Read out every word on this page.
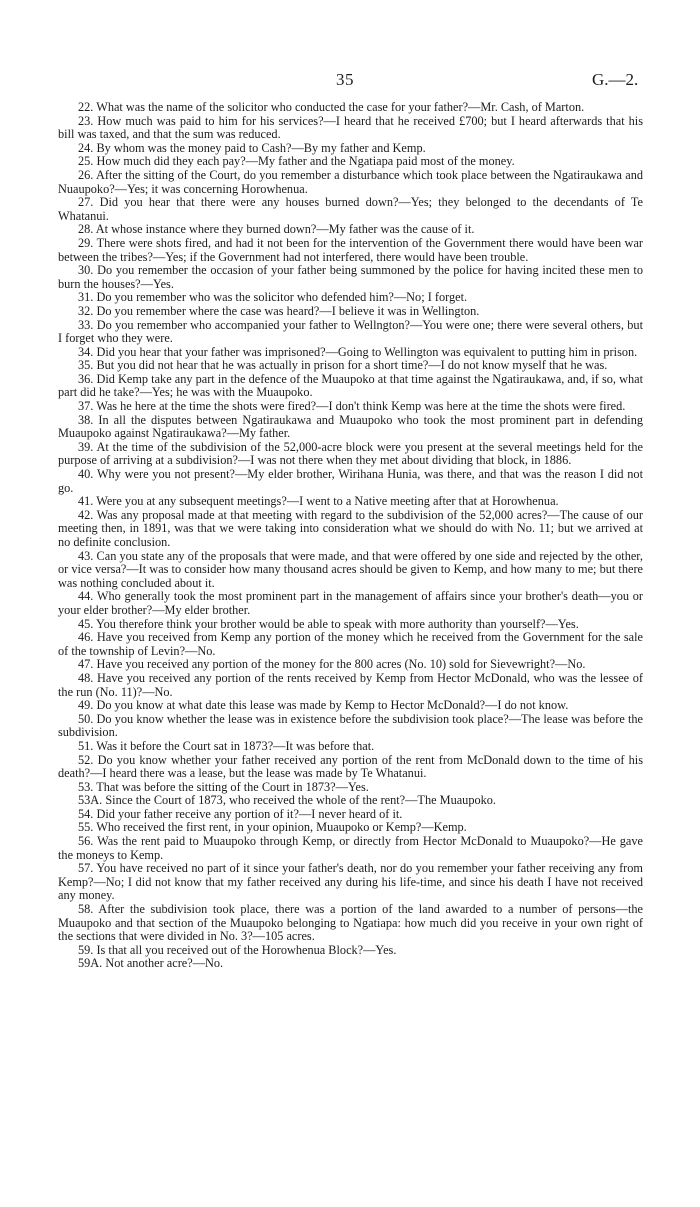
35	G.—2.

22. What was the name of the solicitor who conducted the case for your father?—Mr. Cash, of Marton.

23. How much was paid to him for his services?—I heard that he received £700; but I heard afterwards that his bill was taxed, and that the sum was reduced.

24. By whom was the money paid to Cash?—By my father and Kemp.

25. How much did they each pay?—My father and the Ngatiapa paid most of the money.

26. After the sitting of the Court, do you remember a disturbance which took place between the Ngatiraukawa and Nuaupoko?—Yes; it was concerning Horowhenua.

27. Did you hear that there were any houses burned down?—Yes; they belonged to the decendants of Te Whatanui.

28. At whose instance where they burned down?—My father was the cause of it.

29. There were shots fired, and had it not been for the intervention of the Government there would have been war between the tribes?—Yes; if the Government had not interfered, there would have been trouble.

30. Do you remember the occasion of your father being summoned by the police for having incited these men to burn the houses?—Yes.

31. Do you remember who was the solicitor who defended him?—No; I forget.

32. Do you remember where the case was heard?—I believe it was in Wellington.

33. Do you remember who accompanied your father to Wellngton?—You were one; there were several others, but I forget who they were.

34. Did you hear that your father was imprisoned?—Going to Wellington was equivalent to putting him in prison.

35. But you did not hear that he was actually in prison for a short time?—I do not know myself that he was.

36. Did Kemp take any part in the defence of the Muaupoko at that time against the Ngatiraukawa, and, if so, what part did he take?—Yes; he was with the Muaupoko.

37. Was he here at the time the shots were fired?—I don't think Kemp was here at the time the shots were fired.

38. In all the disputes between Ngatiraukawa and Muaupoko who took the most prominent part in defending Muaupoko against Ngatiraukawa?—My father.

39. At the time of the subdivision of the 52,000-acre block were you present at the several meetings held for the purpose of arriving at a subdivision?—I was not there when they met about dividing that block, in 1886.

40. Why were you not present?—My elder brother, Wirihana Hunia, was there, and that was the reason I did not go.

41. Were you at any subsequent meetings?—I went to a Native meeting after that at Horowhenua.

42. Was any proposal made at that meeting with regard to the subdivision of the 52,000 acres?—The cause of our meeting then, in 1891, was that we were taking into consideration what we should do with No. 11; but we arrived at no definite conclusion.

43. Can you state any of the proposals that were made, and that were offered by one side and rejected by the other, or vice versa?—It was to consider how many thousand acres should be given to Kemp, and how many to me; but there was nothing concluded about it.

44. Who generally took the most prominent part in the management of affairs since your brother's death—you or your elder brother?—My elder brother.

45. You therefore think your brother would be able to speak with more authority than yourself?—Yes.

46. Have you received from Kemp any portion of the money which he received from the Government for the sale of the township of Levin?—No.

47. Have you received any portion of the money for the 800 acres (No. 10) sold for Sievewright?—No.

48. Have you received any portion of the rents received by Kemp from Hector McDonald, who was the lessee of the run (No. 11)?—No.

49. Do you know at what date this lease was made by Kemp to Hector McDonald?—I do not know.

50. Do you know whether the lease was in existence before the subdivision took place?—The lease was before the subdivision.

51. Was it before the Court sat in 1873?—It was before that.

52. Do you know whether your father received any portion of the rent from McDonald down to the time of his death?—I heard there was a lease, but the lease was made by Te Whatanui.

53. That was before the sitting of the Court in 1873?—Yes.

53A. Since the Court of 1873, who received the whole of the rent?—The Muaupoko.

54. Did your father receive any portion of it?—I never heard of it.

55. Who received the first rent, in your opinion, Muaupoko or Kemp?—Kemp.

56. Was the rent paid to Muaupoko through Kemp, or directly from Hector McDonald to Muaupoko?—He gave the moneys to Kemp.

57. You have received no part of it since your father's death, nor do you remember your father receiving any from Kemp?—No; I did not know that my father received any during his life-time, and since his death I have not received any money.

58. After the subdivision took place, there was a portion of the land awarded to a number of persons—the Muaupoko and that section of the Muaupoko belonging to Ngatiapa: how much did you receive in your own right of the sections that were divided in No. 3?—105 acres.

59. Is that all you received out of the Horowhenua Block?—Yes.

59A. Not another acre?—No.
